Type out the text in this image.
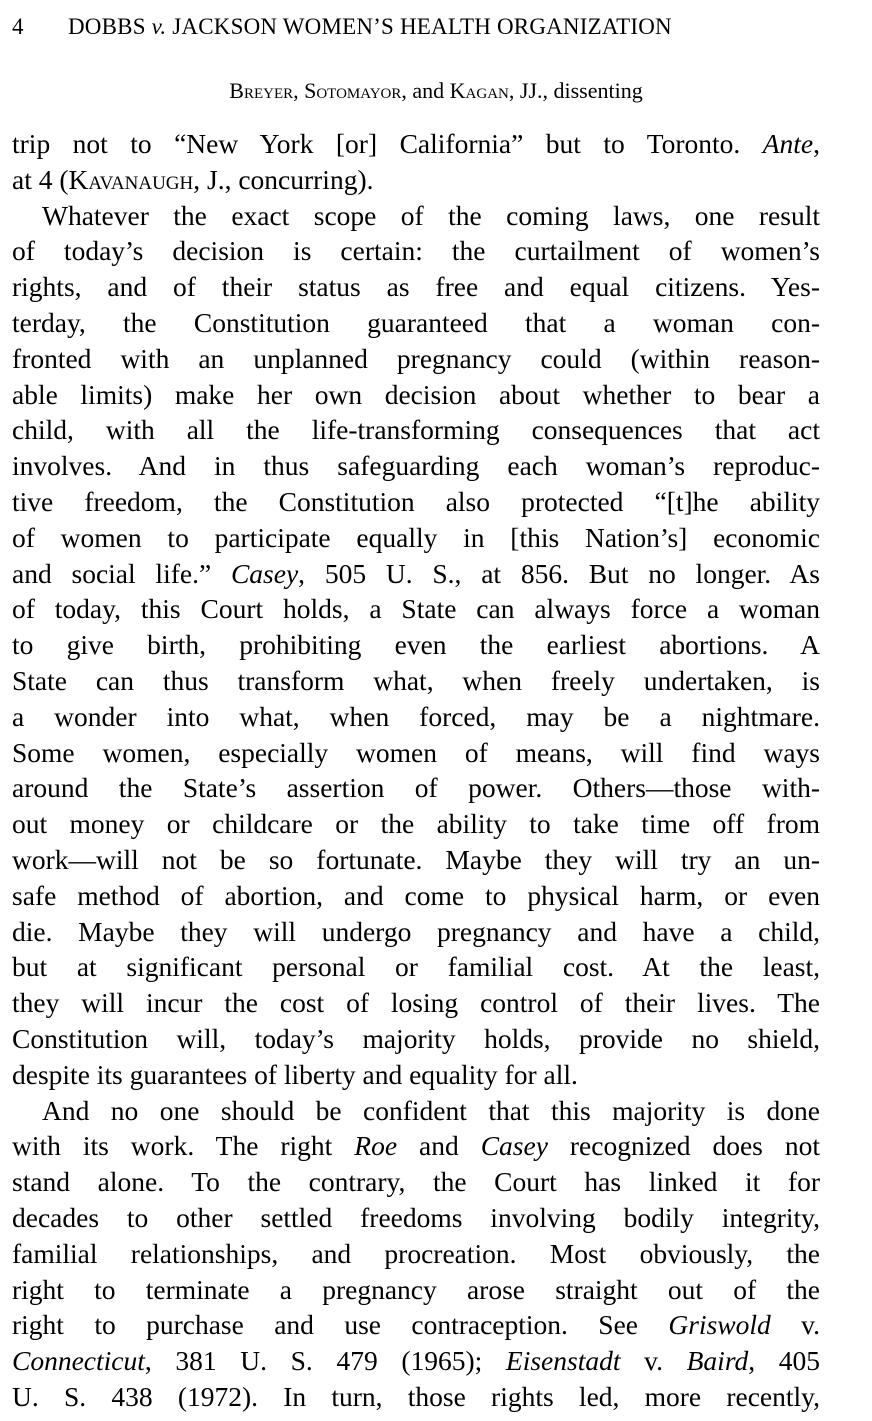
4 DOBBS v. JACKSON WOMEN’S HEALTH ORGANIZATION
Breyer, Sotomayor, and Kagan, JJ., dissenting

trip not to “New York [or] California” but to Toronto. Ante,
at 4 (Kavanaugh, J., concurring).

Whatever the exact scope of the coming laws, one result
of today’s decision is certain: the curtailment of women’s
rights, and of their status as free and equal citizens. Yes-
terday, the Constitution guaranteed that a woman con-
fronted with an unplanned pregnancy could (within reason-
able limits) make her own decision about whether to bear a
child, with all the life-transforming consequences that act
involves. And in thus safeguarding each woman’s reproduc-
tive freedom, the Constitution also protected “[t]he ability
of women to participate equally in [this Nation’s] economic
and social life.” Casey, 505 U. S., at 856. But no longer. As
of today, this Court holds, a State can always force a woman
to give birth, prohibiting even the earliest abortions. A
State can thus transform what, when freely undertaken, is
a wonder into what, when forced, may be a nightmare.
Some women, especially women of means, will find ways
around the State’s assertion of power. Others—those with-
out money or childcare or the ability to take time off from
work—will not be so fortunate. Maybe they will try an un-
safe method of abortion, and come to physical harm, or even
die. Maybe they will undergo pregnancy and have a child,
but at significant personal or familial cost. At the least,
they will incur the cost of losing control of their lives. The
Constitution will, today’s majority holds, provide no shield,
despite its guarantees of liberty and equality for all.

And no one should be confident that this majority is done
with its work. The right Roe and Casey recognized does not
stand alone. To the contrary, the Court has linked it for
decades to other settled freedoms involving bodily integrity,
familial relationships, and procreation. Most obviously, the
right to terminate a pregnancy arose straight out of the
right to purchase and use contraception. See Griswold v.
Connecticut, 381 U. S. 479 (1965); Eisenstadt v. Baird, 405
U. S. 438 (1972). In turn, those rights led, more recently,
